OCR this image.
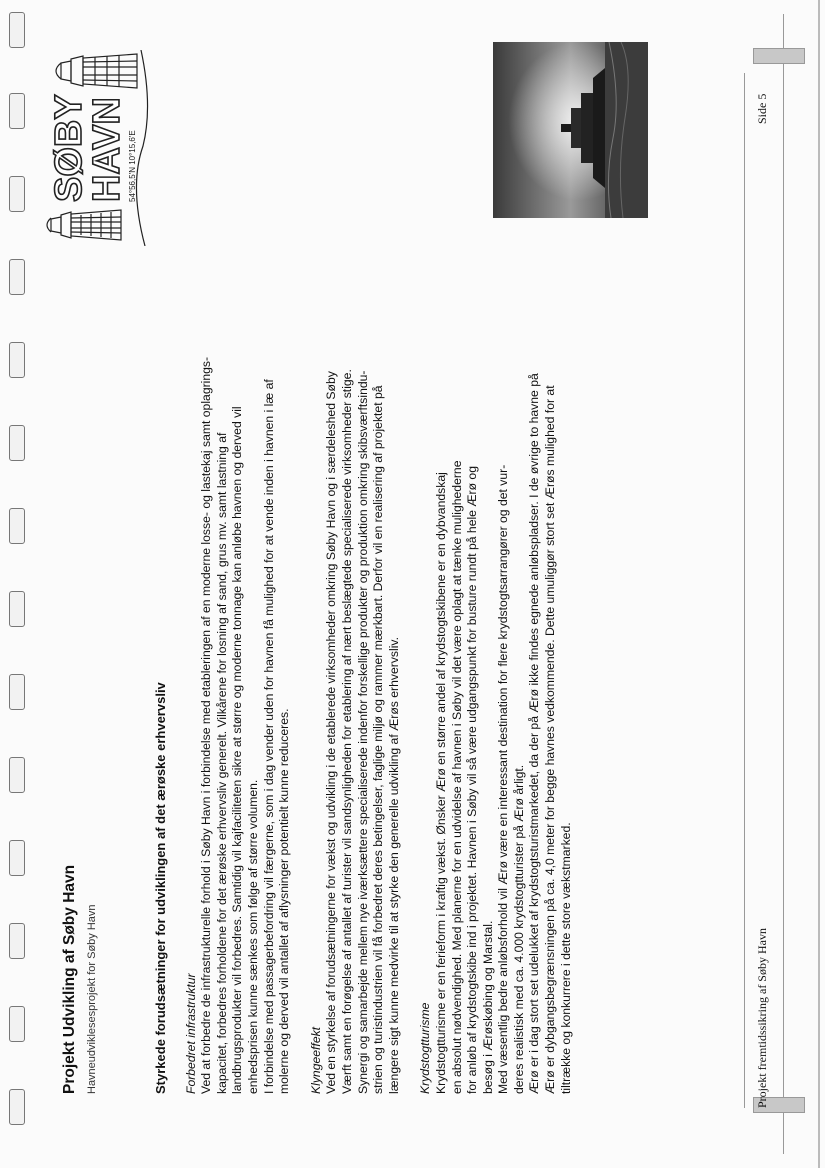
Projekt Udvikling af Søby Havn Havneudviklesesprojekt for Søby Havn
SØBY
HAVN 54°56,5'N 10°15,6'E
Styrkede forudsætninger for udviklingen af det ærøske erhvervsliv Forbedret infrastruktur Ved at forbedre de infrastrukturelle forhold i Søby Havn i forbindelse med etableringen af en moderne losse- og lastekaj samt oplagrings- kapacitet, forbedres forholdene for det ærøske erhvervsliv generelt. Vilkårene for losning af sand, grus mv. samt lastning af landbrugsprodukter vil forbedres. Samtidig vil kajfaciliteten sikre at større og moderne tonnage kan anløbe havnen og derved vil enhedsprisen kunne sænkes som følge af større volumen. I forbindelse med passagerbefordring vil færgerne, som i dag vender uden for havnen få mulighed for at vende inden i havnen i læ af molerne og derved vil antallet af aflysninger potentielt kunne reduceres. Klyngeeffekt Ved en styrkelse af forudsætningerne for vækst og udvikling i de etablerede virksomheder omkring Søby Havn og i særdeleshed Søby Værft samt en forøgelse af antallet af turister vil sandsynligheden for etablering af nært beslægtede specialiserede virksomheder stige. Synergi og samarbejde mellem nye iværksættere specialiserede indenfor forskellige produkter og produktion omkring skibsværftsindu- strien og turistindustrien vil få forbedret deres betingelser, faglige miljø og rammer mærkbart. Derfor vil en realisering af projektet på længere sigt kunne medvirke til at styrke den generelle udvikling af Ærøs erhvervsliv. Krydstogtturisme Krydstogtturisme er en ferieform i kraftig vækst. Ønsker Ærø en større andel af krydstogtskibene er en dybvandskaj en absolut nødvendighed. Med planerne for en udvidelse af havnen i Søby vil det være oplagt at tænke mulighederne for anløb af krydstogtskibe ind i projektet. Havnen i Søby vil så være udgangspunkt for busture rundt på hele Ærø og besøg i Ærøskøbing og Marstal. Med væsentlig bedre anløbsforhold vil Ærø være en interessant destination for flere krydstogtsarrangører og det vur- deres realistisk med ca. 4.000 krydstogtturister på Ærø årligt. Ærø er i dag stort set udelukket af krydstogtsturistmarkedet, da der på Ærø ikke findes egnede anløbspladser. I de øvrige to havne på Ærø er dybgangsbegrænsningen på ca. 4,0 meter for begge havnes vedkommende. Dette umuliggør stort set Ærøs mulighed for at tiltrække og konkurrere i dette store vækstmarked.	Projekt fremtidssikring af Søby Havn
Side 5
